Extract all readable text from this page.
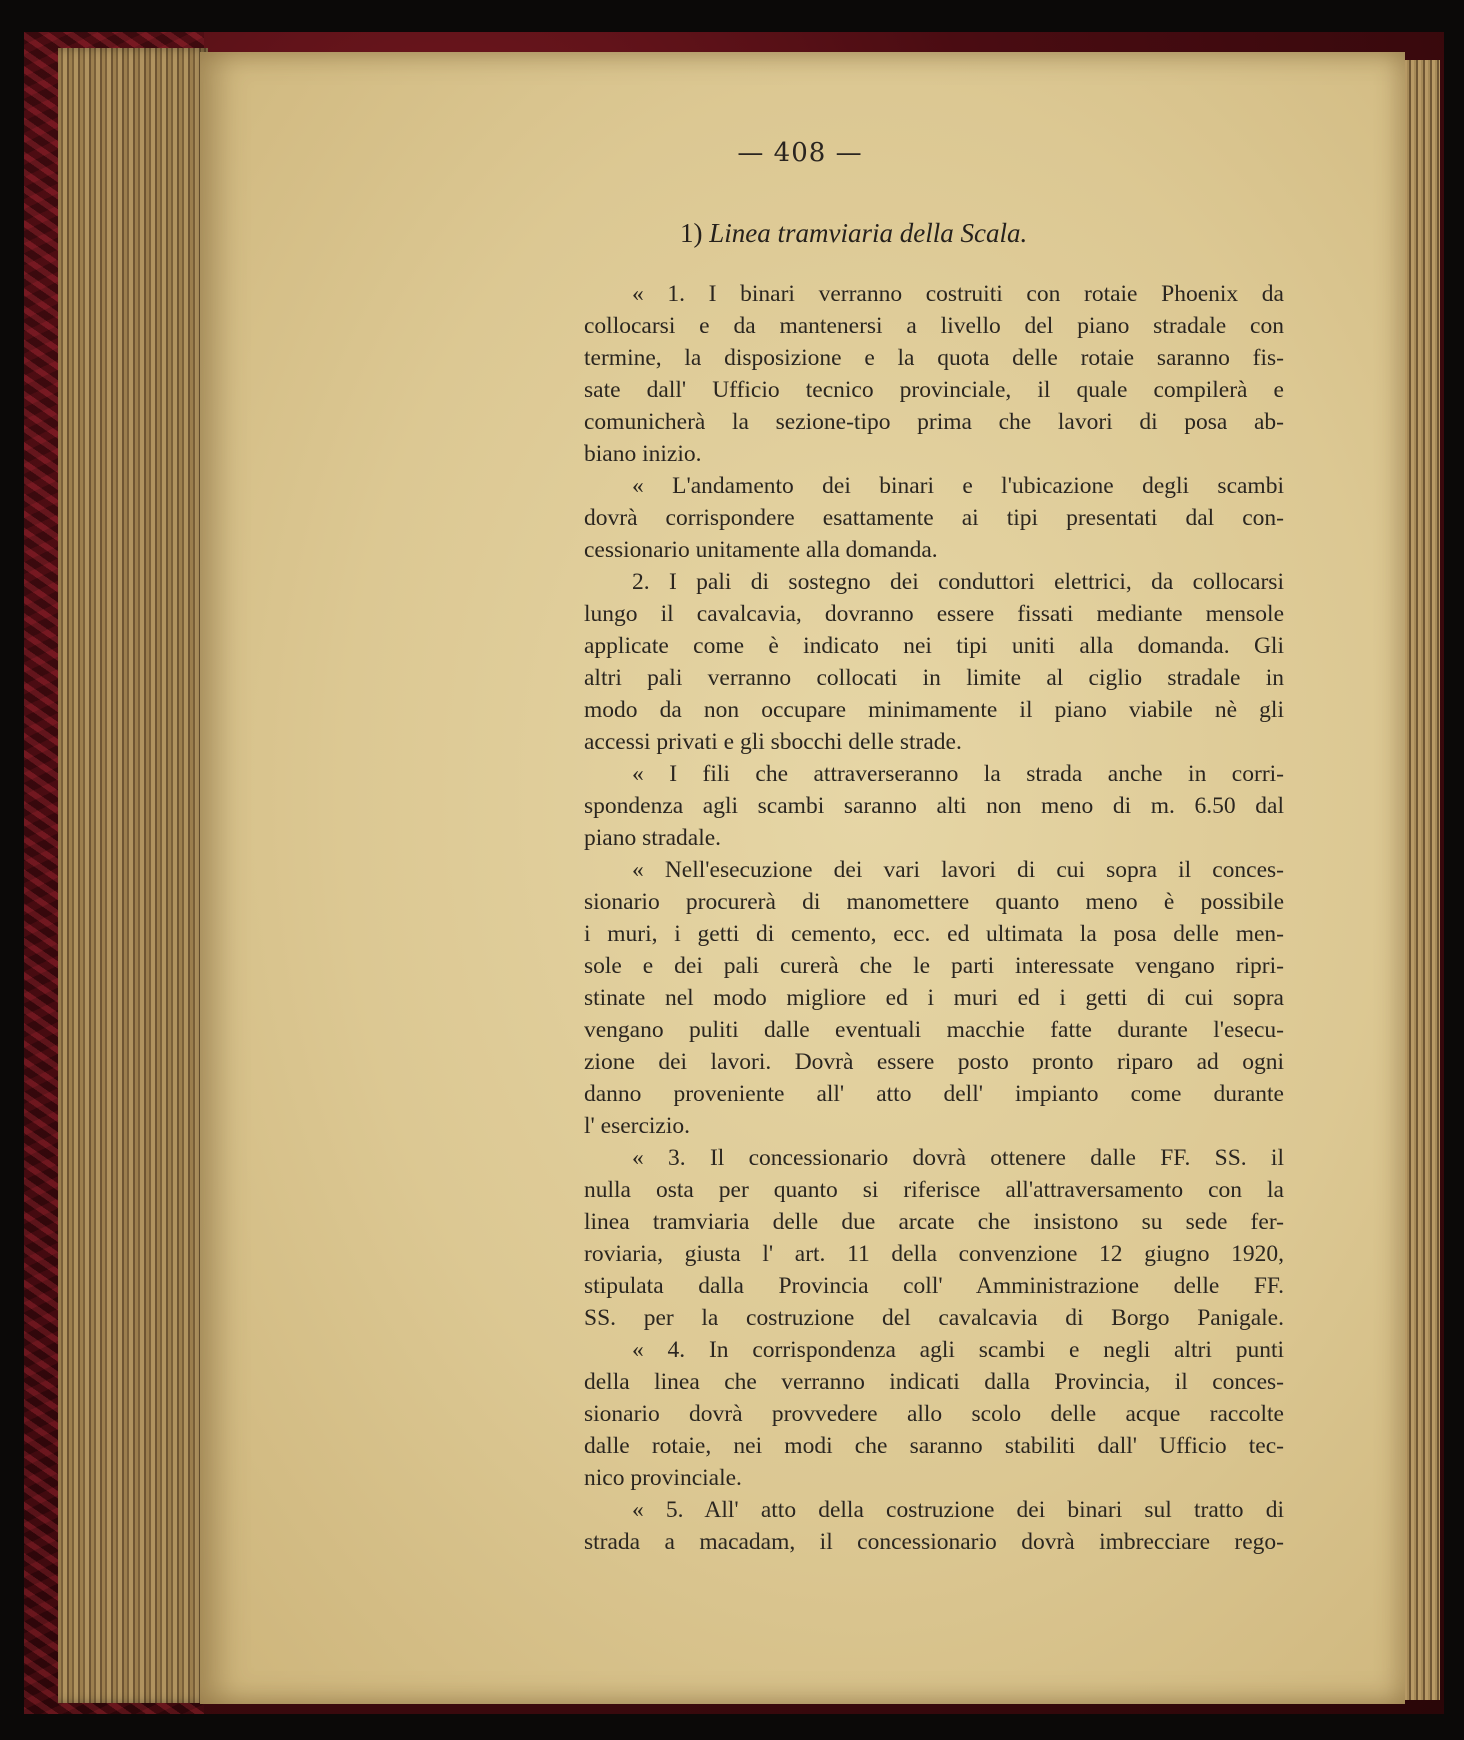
— 408 —
1) Linea tramviaria della Scala.
« 1. I binari verranno costruiti con rotaie Phoenix da
collocarsi e da mantenersi a livello del piano stradale con
termine, la disposizione e la quota delle rotaie saranno fis-
sate dall' Ufficio tecnico provinciale, il quale compilerà e
comunicherà la sezione-tipo prima che lavori di posa ab-
biano inizio.
« L'andamento dei binari e l'ubicazione degli scambi
dovrà corrispondere esattamente ai tipi presentati dal con-
cessionario unitamente alla domanda.
2. I pali di sostegno dei conduttori elettrici, da collocarsi
lungo il cavalcavia, dovranno essere fissati mediante mensole
applicate come è indicato nei tipi uniti alla domanda. Gli
altri pali verranno collocati in limite al ciglio stradale in
modo da non occupare minimamente il piano viabile nè gli
accessi privati e gli sbocchi delle strade.
« I fili che attraverseranno la strada anche in corri-
spondenza agli scambi saranno alti non meno di m. 6.50 dal
piano stradale.
« Nell'esecuzione dei vari lavori di cui sopra il conces-
sionario procurerà di manomettere quanto meno è possibile
i muri, i getti di cemento, ecc. ed ultimata la posa delle men-
sole e dei pali curerà che le parti interessate vengano ripri-
stinate nel modo migliore ed i muri ed i getti di cui sopra
vengano puliti dalle eventuali macchie fatte durante l'esecu-
zione dei lavori. Dovrà essere posto pronto riparo ad ogni
danno proveniente all' atto dell' impianto come durante
l' esercizio.
« 3. Il concessionario dovrà ottenere dalle FF. SS. il
nulla osta per quanto si riferisce all'attraversamento con la
linea tramviaria delle due arcate che insistono su sede fer-
roviaria, giusta l' art. 11 della convenzione 12 giugno 1920,
stipulata dalla Provincia coll' Amministrazione delle FF.
SS. per la costruzione del cavalcavia di Borgo Panigale.
« 4. In corrispondenza agli scambi e negli altri punti
della linea che verranno indicati dalla Provincia, il conces-
sionario dovrà provvedere allo scolo delle acque raccolte
dalle rotaie, nei modi che saranno stabiliti dall' Ufficio tec-
nico provinciale.
« 5. All' atto della costruzione dei binari sul tratto di
strada a macadam, il concessionario dovrà imbrecciare rego-
